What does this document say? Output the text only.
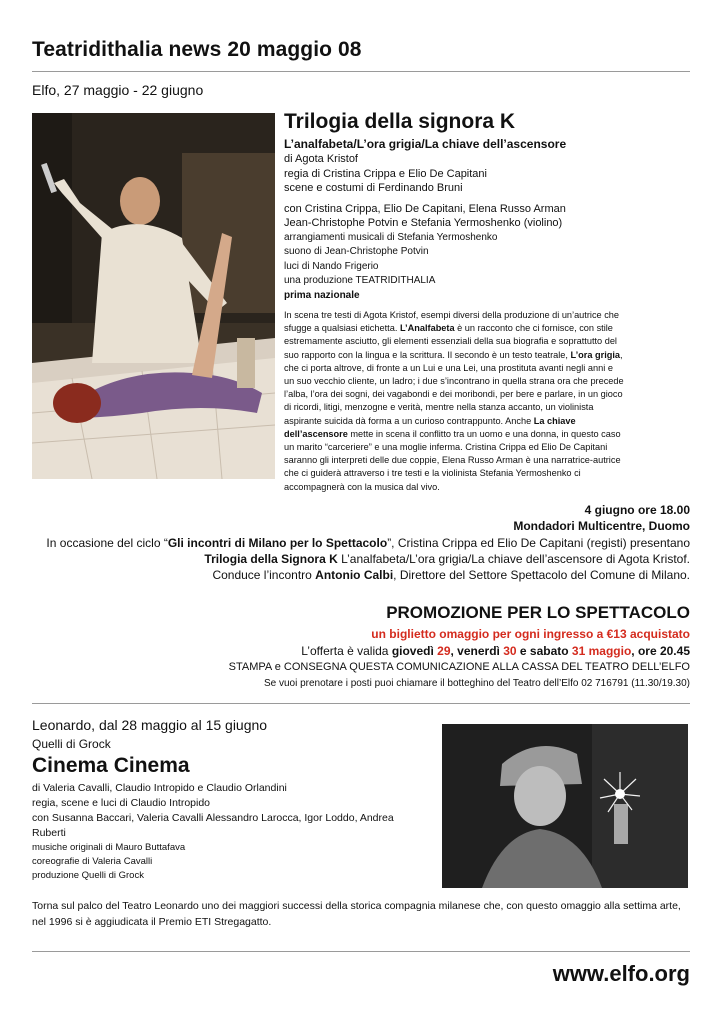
Teatridithalia news 20 maggio 08
Elfo, 27 maggio - 22 giugno
Trilogia della signora K
L’analfabeta/L’ora grigia/La chiave dell’ascensore
di Agota Kristof
regia di Cristina Crippa e Elio De Capitani
scene e costumi di Ferdinando Bruni
con Cristina Crippa, Elio De Capitani, Elena Russo Arman
Jean-Christophe Potvin e Stefania Yermoshenko (violino)
arrangiamenti musicali di Stefania Yermoshenko
suono di Jean-Christophe Potvin
luci di Nando Frigerio
una produzione TEATRIDITHALIA
prima nazionale

In scena tre testi di Agota Kristof, esempi diversi della produzione di un’autrice che sfugge a qualsiasi etichetta. L’Analfabeta è un racconto che ci fornisce, con stile estremamente asciutto, gli elementi essenziali della sua biografia e soprattutto del suo rapporto con la lingua e la scrittura. Il secondo è un testo teatrale, L’ora grigia, che ci porta altrove, di fronte a un Lui e una Lei, una prostituta avanti negli anni e un suo vecchio cliente, un ladro; i due s’incontrano in quella strana ora che precede l’alba, l’ora dei sogni, dei vagabondi e dei moribondi, per bere e parlare, in un gioco di ricordi, litigi, menzogne e verità, mentre nella stanza accanto, un violinista aspirante suicida dà forma a un curioso contrappunto. Anche La chiave dell’ascensore mette in scena il conflitto tra un uomo e una donna, in questo caso un marito “carceriere” e una moglie inferma. Cristina Crippa ed Elio De Capitani saranno gli interpreti delle due coppie, Elena Russo Arman è una narratrice-autrice che ci guiderà attraverso i tre testi e la violinista Stefania Yermoshenko ci accompagnerà con la musica dal vivo.

4 giugno ore 18.00
Mondadori Multicentre, Duomo
In occasione del ciclo “Gli incontri di Milano per lo Spettacolo”, Cristina Crippa ed Elio De Capitani (registi) presentano
Trilogia della Signora K L’analfabeta/L’ora grigia/La chiave dell’ascensore di Agota Kristof.
Conduce l’incontro Antonio Calbi, Direttore del Settore Spettacolo del Comune di Milano.
PROMOZIONE PER LO SPETTACOLO
un biglietto omaggio per ogni ingresso a €13 acquistato
L’offerta è valida giovedì 29, venerdì 30 e sabato 31 maggio, ore 20.45
STAMPA e CONSEGNA QUESTA COMUNICAZIONE ALLA CASSA DEL TEATRO DELL’ELFO
Se vuoi prenotare i posti puoi chiamare il botteghino del Teatro dell’Elfo 02 716791 (11.30/19.30)
Leonardo, dal 28 maggio al 15 giugno
Quelli di Grock
Cinema Cinema
di Valeria Cavalli, Claudio Intropido e Claudio Orlandini
regia, scene e luci di Claudio Intropido
con Susanna Baccari, Valeria Cavalli Alessandro Larocca, Igor Loddo, Andrea Ruberti
musiche originali di Mauro Buttafava
coreografie di Valeria Cavalli
produzione Quelli di Grock
Torna sul palco del Teatro Leonardo uno dei maggiori successi della storica compagnia milanese che, con questo omaggio alla settima arte, nel 1996 si è aggiudicata il Premio ETI Stregagatto.
www.elfo.org
